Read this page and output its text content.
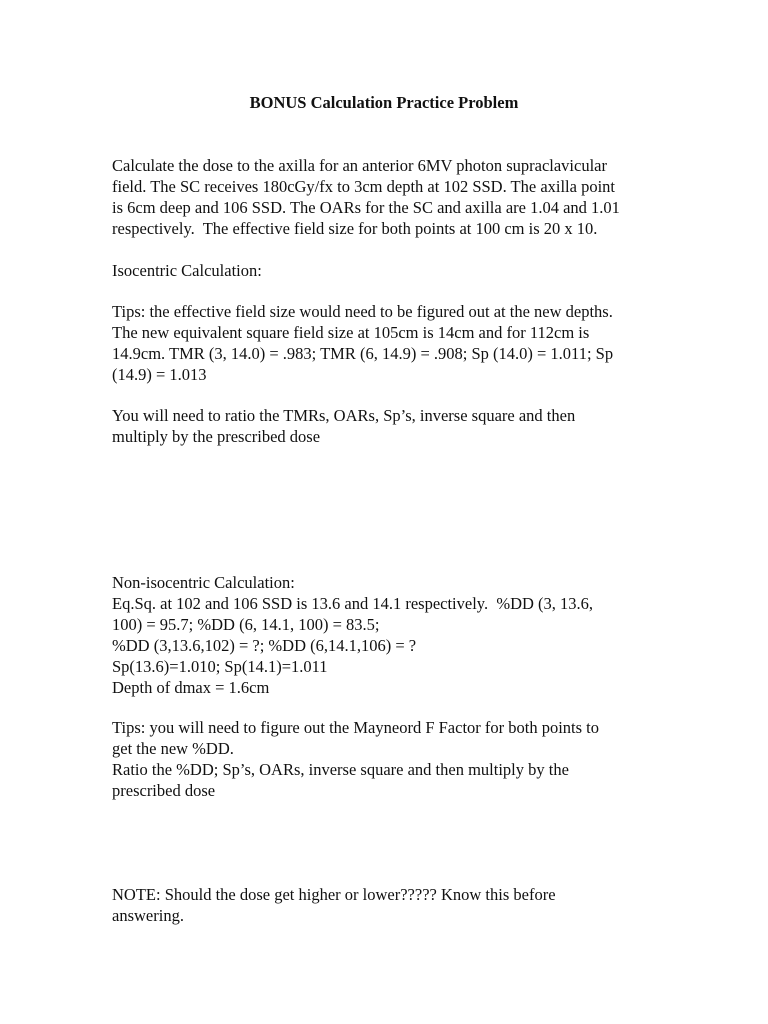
BONUS Calculation Practice Problem
Calculate the dose to the axilla for an anterior 6MV photon supraclavicular
field. The SC receives 180cGy/fx to 3cm depth at 102 SSD. The axilla point
is 6cm deep and 106 SSD. The OARs for the SC and axilla are 1.04 and 1.01
respectively.  The effective field size for both points at 100 cm is 20 x 10.
Isocentric Calculation:
Tips: the effective field size would need to be figured out at the new depths.
The new equivalent square field size at 105cm is 14cm and for 112cm is
14.9cm. TMR (3, 14.0) = .983; TMR (6, 14.9) = .908; Sp (14.0) = 1.011; Sp
(14.9) = 1.013
You will need to ratio the TMRs, OARs, Sp’s, inverse square and then
multiply by the prescribed dose
Non-isocentric Calculation:
Eq.Sq. at 102 and 106 SSD is 13.6 and 14.1 respectively.  %DD (3, 13.6,
100) = 95.7; %DD (6, 14.1, 100) = 83.5;
%DD (3,13.6,102) = ?; %DD (6,14.1,106) = ?
Sp(13.6)=1.010; Sp(14.1)=1.011
Depth of dmax = 1.6cm
Tips: you will need to figure out the Mayneord F Factor for both points to
get the new %DD.
Ratio the %DD; Sp’s, OARs, inverse square and then multiply by the
prescribed dose
NOTE: Should the dose get higher or lower????? Know this before
answering.
